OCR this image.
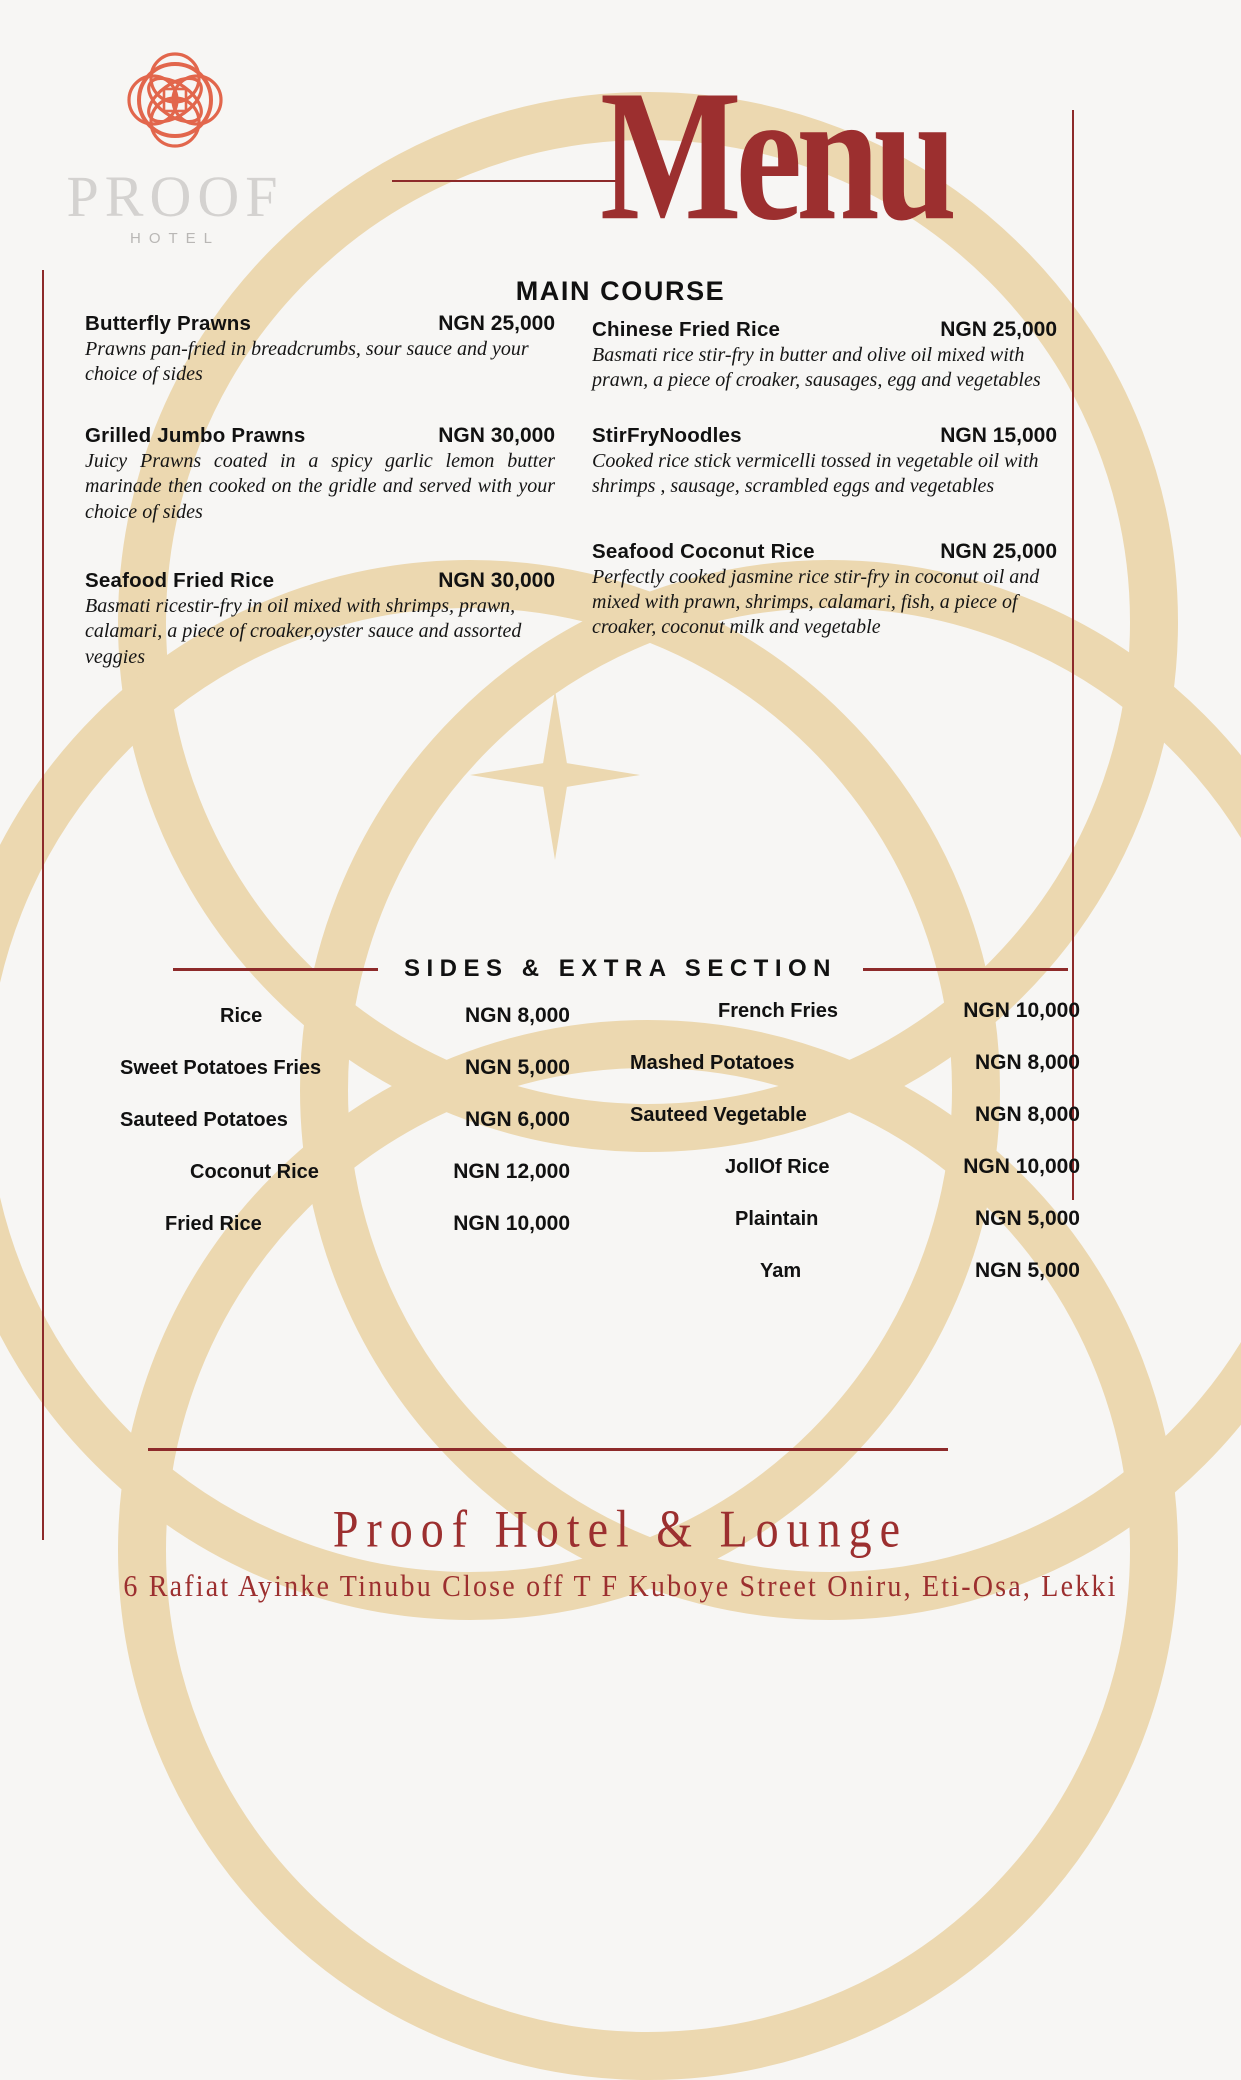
PROOF
HOTEL	Menu
MAIN COURSE
Butterfly Prawns	NGN 25,000
Prawns pan-fried in breadcrumbs, sour sauce and your choice of sides
Grilled Jumbo Prawns	NGN 30,000
Juicy Prawns coated in a spicy garlic lemon butter marinade then cooked on the gridle and served with your choice of sides
Seafood Fried Rice	NGN 30,000
Basmati ricestir-fry in oil mixed with shrimps, prawn, calamari, a piece of croaker,oyster sauce and assorted veggies
Chinese Fried Rice	NGN 25,000
Basmati rice stir-fry in butter and olive oil mixed with prawn, a piece of croaker, sausages, egg and vegetables
StirFryNoodles	NGN 15,000
Cooked rice stick vermicelli tossed in vegetable oil with shrimps , sausage, scrambled eggs and vegetables
Seafood Coconut Rice	NGN 25,000
Perfectly cooked jasmine rice stir-fry in coconut oil and mixed with prawn, shrimps, calamari, fish, a piece of croaker, coconut milk and vegetable
SIDES & EXTRA SECTION
Rice	NGN 8,000
Sweet Potatoes Fries	NGN 5,000
Sauteed Potatoes	NGN 6,000
Coconut Rice	NGN 12,000
Fried Rice	NGN 10,000
French Fries	NGN 10,000
Mashed Potatoes	NGN 8,000
Sauteed Vegetable	NGN 8,000
JollOf Rice	NGN 10,000
Plaintain	NGN 5,000
Yam	NGN 5,000
Proof Hotel & Lounge
6 Rafiat Ayinke Tinubu Close off T F Kuboye Street Oniru, Eti-Osa, Lekki
